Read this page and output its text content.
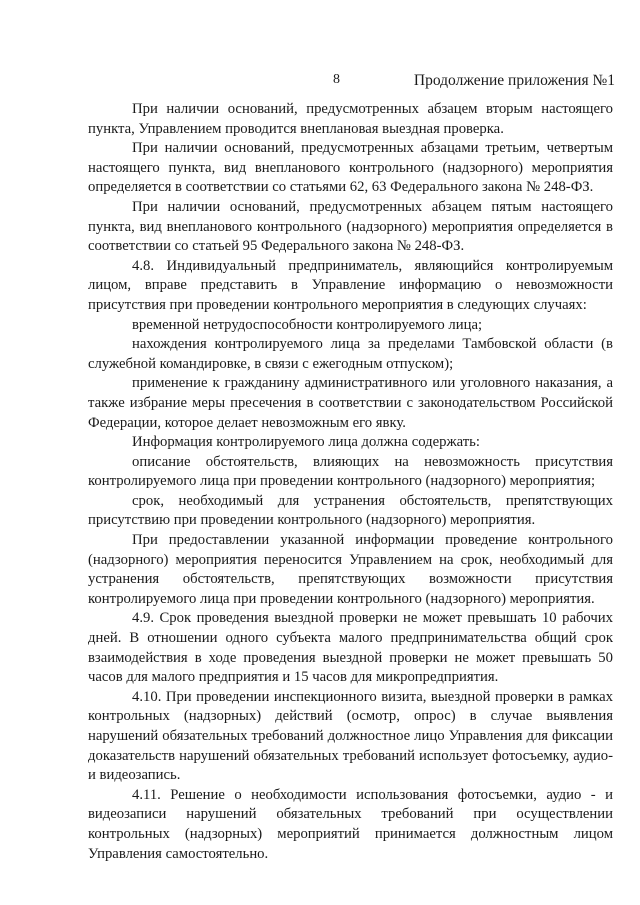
8	Продолжение приложения №1

При наличии оснований, предусмотренных абзацем вторым настоящего пункта, Управлением проводится внеплановая выездная проверка.

При наличии оснований, предусмотренных абзацами третьим, четвертым настоящего пункта, вид внепланового контрольного (надзорного) мероприятия определяется в соответствии со статьями 62, 63 Федерального закона № 248-ФЗ.

При наличии оснований, предусмотренных абзацем пятым настоящего пункта, вид внепланового контрольного (надзорного) мероприятия определяется в соответствии со статьей 95 Федерального закона № 248-ФЗ.

4.8. Индивидуальный предприниматель, являющийся контролируемым лицом, вправе представить в Управление информацию о невозможности присутствия при проведении контрольного мероприятия в следующих случаях:

временной нетрудоспособности контролируемого лица;

нахождения контролируемого лица за пределами Тамбовской области (в служебной командировке, в связи с ежегодным отпуском);

применение к гражданину административного или уголовного наказания, а также избрание меры пресечения в соответствии с законодательством Российской Федерации, которое делает невозможным его явку.

Информация контролируемого лица должна содержать:

описание обстоятельств, влияющих на невозможность присутствия контролируемого лица при проведении контрольного (надзорного) мероприятия;

срок, необходимый для устранения обстоятельств, препятствующих присутствию при проведении контрольного (надзорного) мероприятия.

При предоставлении указанной информации проведение контрольного (надзорного) мероприятия переносится Управлением на срок, необходимый для устранения обстоятельств, препятствующих возможности присутствия контролируемого лица при проведении контрольного (надзорного) мероприятия.

4.9. Срок проведения выездной проверки не может превышать 10 рабочих дней. В отношении одного субъекта малого предпринимательства общий срок взаимодействия в ходе проведения выездной проверки не может превышать 50 часов для малого предприятия и 15 часов для микропредприятия.

4.10. При проведении инспекционного визита, выездной проверки в рамках контрольных (надзорных) действий (осмотр, опрос) в случае выявления нарушений обязательных требований должностное лицо Управления для фиксации доказательств нарушений обязательных требований использует фотосъемку, аудио- и видеозапись.

4.11. Решение о необходимости использования фотосъемки, аудио - и видеозаписи нарушений обязательных требований при осуществлении контрольных (надзорных) мероприятий принимается должностным лицом Управления самостоятельно.
